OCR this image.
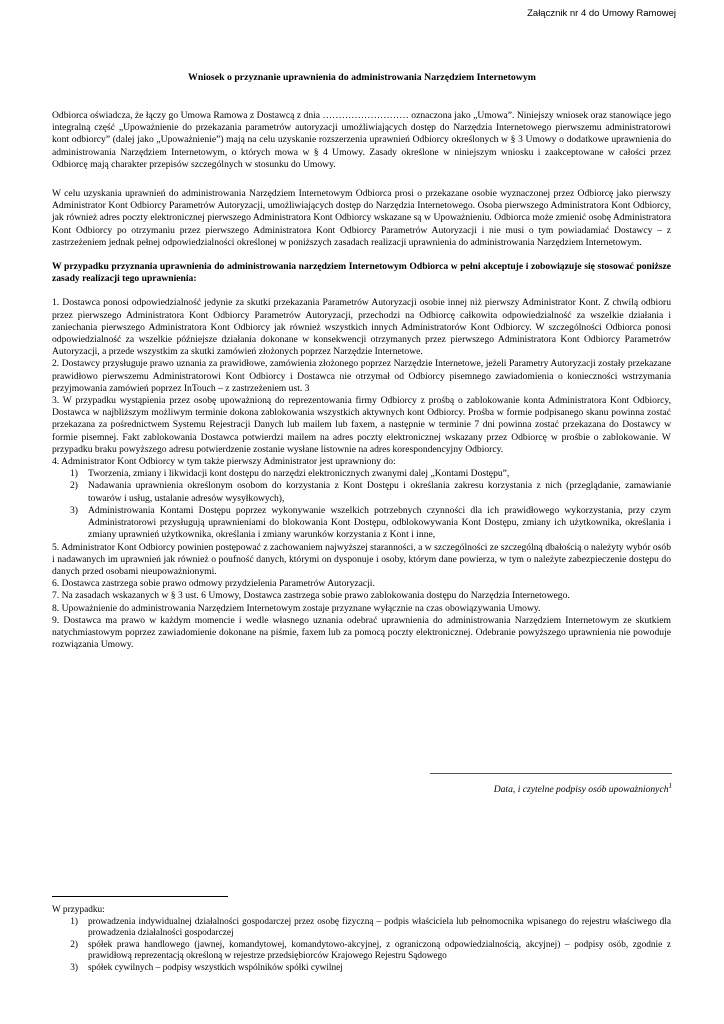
Załącznik nr 4 do Umowy Ramowej
Wniosek o przyznanie uprawnienia do administrowania Narzędziem Internetowym

Odbiorca oświadcza, że łączy go Umowa Ramowa z Dostawcą z dnia ……………………… oznaczona jako „Umowa”. Niniejszy wniosek oraz stanowiące jego integralną część „Upoważnienie do przekazania parametrów autoryzacji umożliwiających dostęp do Narzędzia Internetowego pierwszemu administratorowi kont odbiorcy” (dalej jako „Upoważnienie”) mają na celu uzyskanie rozszerzenia uprawnień Odbiorcy określonych w § 3 Umowy o dodatkowe uprawnienia do administrowania Narzędziem Internetowym, o których mowa w § 4 Umowy. Zasady określone w niniejszym wniosku i zaakceptowane w całości przez Odbiorcę mają charakter przepisów szczególnych w stosunku do Umowy.

W celu uzyskania uprawnień do administrowania Narzędziem Internetowym Odbiorca prosi o przekazane osobie wyznaczonej przez Odbiorcę jako pierwszy Administrator Kont Odbiorcy Parametrów Autoryzacji, umożliwiających dostęp do Narzędzia Internetowego. Osoba pierwszego Administratora Kont Odbiorcy, jak również adres poczty elektronicznej pierwszego Administratora Kont Odbiorcy wskazane są w Upoważnieniu. Odbiorca może zmienić osobę Administratora Kont Odbiorcy po otrzymaniu przez pierwszego Administratora Kont Odbiorcy Parametrów Autoryzacji i nie musi o tym powiadamiać Dostawcy – z zastrzeżeniem jednak pełnej odpowiedzialności określonej w poniższych zasadach realizacji uprawnienia do administrowania Narzędziem Internetowym.

W przypadku przyznania uprawnienia do administrowania narzędziem Internetowym Odbiorca w pełni akceptuje i zobowiązuje się stosować poniższe zasady realizacji tego uprawnienia:

1. Dostawca ponosi odpowiedzialność jedynie za skutki przekazania Parametrów Autoryzacji osobie innej niż pierwszy Administrator Kont. Z chwilą odbioru przez pierwszego Administratora Kont Odbiorcy Parametrów Autoryzacji, przechodzi na Odbiorcę całkowita odpowiedzialność za wszelkie działania i zaniechania pierwszego Administratora Kont Odbiorcy jak również wszystkich innych Administratorów Kont Odbiorcy. W szczególności Odbiorca ponosi odpowiedzialność za wszelkie późniejsze działania dokonane w konsekwencji otrzymanych przez pierwszego Administratora Kont Odbiorcy Parametrów Autoryzacji, a przede wszystkim za skutki zamówień złożonych poprzez Narzędzie Internetowe.

2. Dostawcy przysługuje prawo uznania za prawidłowe, zamówienia złożonego poprzez Narzędzie Internetowe, jeżeli Parametry Autoryzacji zostały przekazane prawidłowo pierwszemu Administratorowi Kont Odbiorcy i Dostawca nie otrzymał od Odbiorcy pisemnego zawiadomienia o konieczności wstrzymania przyjmowania zamówień poprzez InTouch – z zastrzeżeniem ust. 3

3. W przypadku wystąpienia przez osobę upoważnioną do reprezentowania firmy Odbiorcy z prośbą o zablokowanie konta Administratora Kont Odbiorcy, Dostawca w najbliższym możliwym terminie dokona zablokowania wszystkich aktywnych kont Odbiorcy. Prośba w formie podpisanego skanu powinna zostać przekazana za pośrednictwem Systemu Rejestracji Danych lub mailem lub faxem, a następnie w terminie 7 dni powinna zostać przekazana do Dostawcy w formie pisemnej. Fakt zablokowania Dostawca potwierdzi mailem na adres poczty elektronicznej wskazany przez Odbiorcę w prośbie o zablokowanie. W przypadku braku powyższego adresu potwierdzenie zostanie wysłane listownie na adres korespondencyjny Odbiorcy.

4. Administrator Kont Odbiorcy w tym także pierwszy Administrator jest uprawniony do:

1)	Tworzenia, zmiany i likwidacji kont dostępu do narzędzi elektronicznych zwanymi dalej „Kontami Dostępu”,
2)	Nadawania uprawnienia określonym osobom do korzystania z Kont Dostępu i określania zakresu korzystania z nich (przeglądanie, zamawianie towarów i usług, ustalanie adresów wysyłkowych),
3)	Administrowania Kontami Dostępu poprzez wykonywanie wszelkich potrzebnych czynności dla ich prawidłowego wykorzystania, przy czym Administratorowi przysługują uprawnieniami do blokowania Kont Dostępu, odblokowywania Kont Dostępu, zmiany ich użytkownika, określania i zmiany uprawnień użytkownika, określania i zmiany warunków korzystania z Kont i inne,

5. Administrator Kont Odbiorcy powinien postępować z zachowaniem najwyższej staranności, a w szczególności ze szczególną dbałością o należyty wybór osób i nadawanych im uprawnień jak również o poufność danych, którymi on dysponuje i osoby, którym dane powierza, w tym o należyte zabezpieczenie dostępu do danych przed osobami nieupoważnionymi.

6. Dostawca zastrzega sobie prawo odmowy przydzielenia Parametrów Autoryzacji.

7. Na zasadach wskazanych w § 3 ust. 6 Umowy, Dostawca zastrzega sobie prawo zablokowania dostępu do Narzędzia Internetowego.

8. Upoważnienie do administrowania Narzędziem Internetowym zostaje przyznane wyłącznie na czas obowiązywania Umowy.

9. Dostawca ma prawo w każdym momencie i wedle własnego uznania odebrać uprawnienia do administrowania Narzędziem Internetowym ze skutkiem natychmiastowym poprzez zawiadomienie dokonane na piśmie, faxem lub za pomocą poczty elektronicznej. Odebranie powyższego uprawnienia nie powoduje rozwiązania Umowy.

Data, i czytelne podpisy osób upoważnionych$^1$
W przypadku:
1)	prowadzenia indywidualnej działalności gospodarczej przez osobę fizyczną – podpis właściciela lub pełnomocnika wpisanego do rejestru właściwego dla prowadzenia działalności gospodarczej
2)	spółek prawa handlowego (jawnej, komandytowej, komandytowo-akcyjnej, z ograniczoną odpowiedzialnością, akcyjnej) – podpisy osób, zgodnie z prawidłową reprezentacją określoną w rejestrze przedsiębiorców Krajowego Rejestru Sądowego
3)	spółek cywilnych – podpisy wszystkich wspólników spółki cywilnej
